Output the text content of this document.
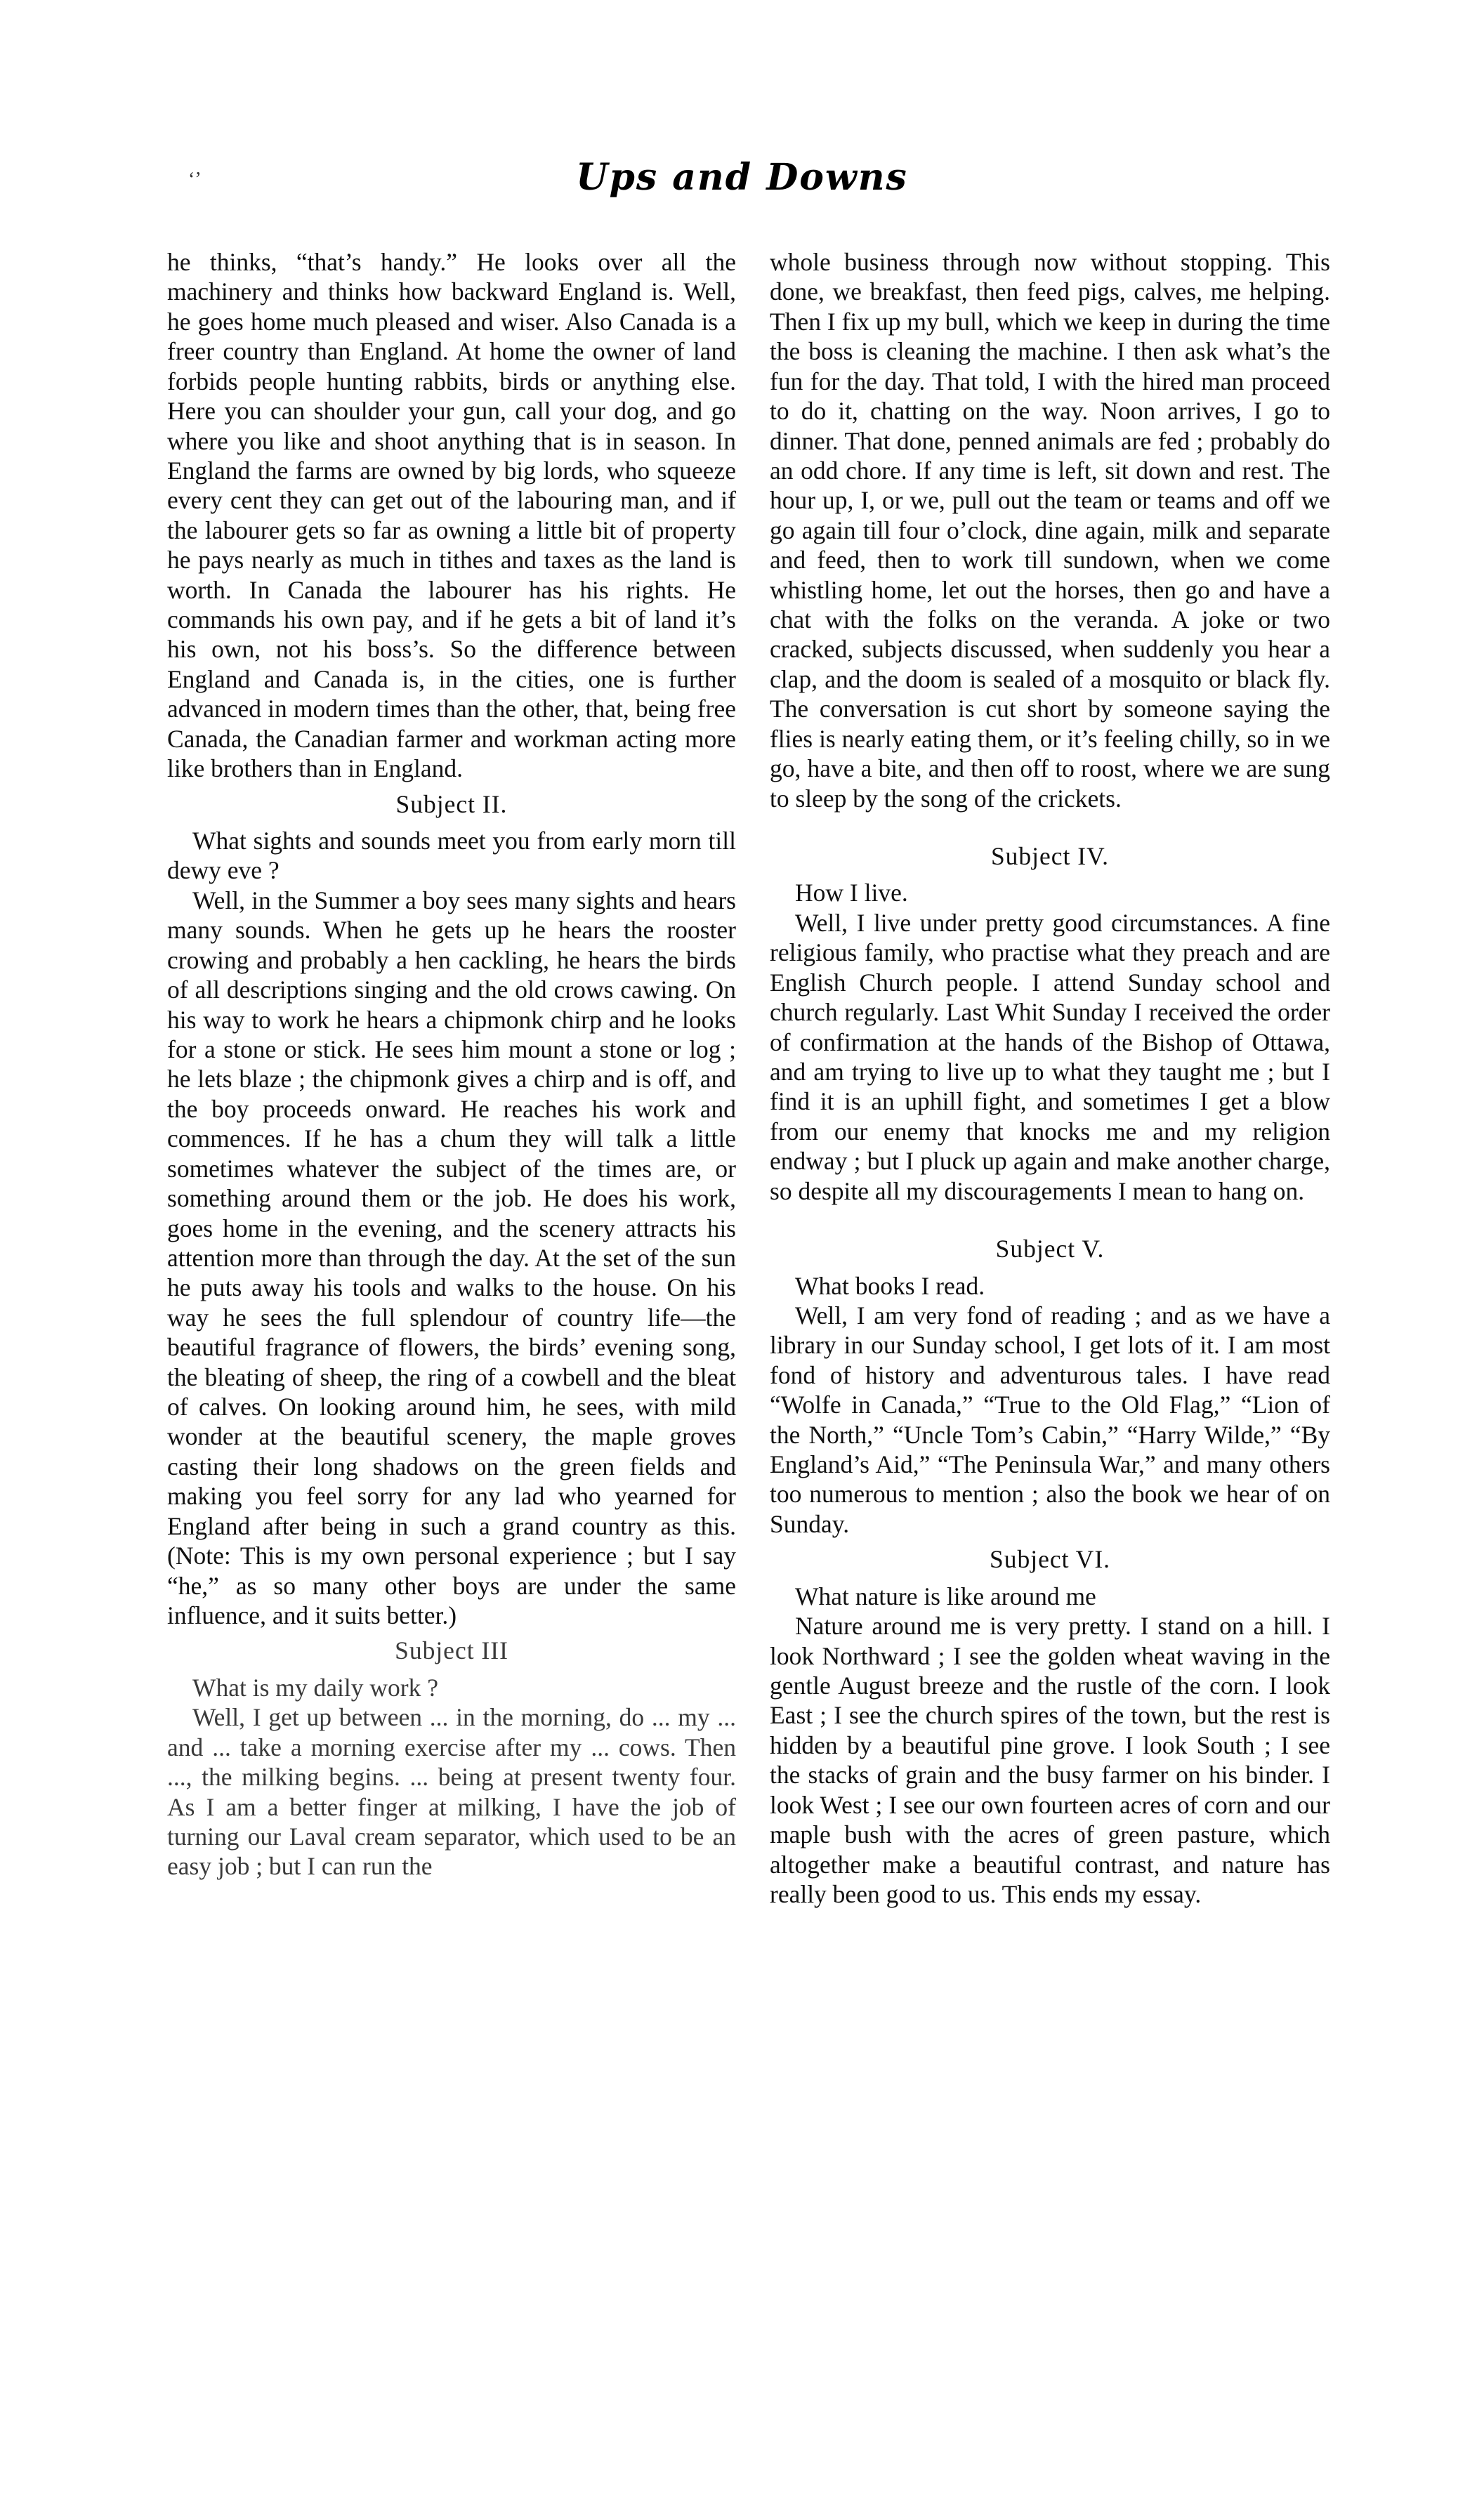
‘’	Ups and Downs

he thinks, “that’s handy.” He looks over all the machinery and thinks how backward England is. Well, he goes home much pleased and wiser. Also Canada is a freer country than England. At home the owner of land forbids people hunting rabbits, birds or anything else. Here you can shoulder your gun, call your dog, and go where you like and shoot anything that is in season. In England the farms are owned by big lords, who squeeze every cent they can get out of the labouring man, and if the labourer gets so far as owning a little bit of property he pays nearly as much in tithes and taxes as the land is worth. In Canada the labourer has his rights. He commands his own pay, and if he gets a bit of land it’s his own, not his boss’s. So the difference between England and Canada is, in the cities, one is further advanced in modern times than the other, that, being free Canada, the Canadian farmer and workman acting more like brothers than in England.

Subject II.

What sights and sounds meet you from early morn till dewy eve ?

Well, in the Summer a boy sees many sights and hears many sounds. When he gets up he hears the rooster crowing and probably a hen cackling, he hears the birds of all descriptions singing and the old crows cawing. On his way to work he hears a chipmonk chirp and he looks for a stone or stick. He sees him mount a stone or log ; he lets blaze ; the chipmonk gives a chirp and is off, and the boy proceeds onward. He reaches his work and commences. If he has a chum they will talk a little sometimes whatever the subject of the times are, or something around them or the job. He does his work, goes home in the evening, and the scenery attracts his attention more than through the day. At the set of the sun he puts away his tools and walks to the house. On his way he sees the full splendour of country life—the beautiful fragrance of flowers, the birds’ evening song, the bleating of sheep, the ring of a cowbell and the bleat of calves. On looking around him, he sees, with mild wonder at the beautiful scenery, the maple groves casting their long shadows on the green fields and making you feel sorry for any lad who yearned for England after being in such a grand country as this. (Note: This is my own personal experience ; but I say “he,” as so many other boys are under the same influence, and it suits better.)

Subject III

What is my daily work ?

Well, I get up between ... in the morning, do ... my ... and ... take a morning exercise after my ... cows. Then ..., the milking begins. ... being at present twenty four. As I am a better finger at milking, I have the job of turning our Laval cream separator, which used to be an easy job ; but I can run the

whole business through now without stopping. This done, we breakfast, then feed pigs, calves, me helping. Then I fix up my bull, which we keep in during the time the boss is cleaning the machine. I then ask what’s the fun for the day. That told, I with the hired man proceed to do it, chatting on the way. Noon arrives, I go to dinner. That done, penned animals are fed ; probably do an odd chore. If any time is left, sit down and rest. The hour up, I, or we, pull out the team or teams and off we go again till four o’clock, dine again, milk and separate and feed, then to work till sundown, when we come whistling home, let out the horses, then go and have a chat with the folks on the veranda. A joke or two cracked, subjects discussed, when suddenly you hear a clap, and the doom is sealed of a mosquito or black fly. The conversation is cut short by someone saying the flies is nearly eating them, or it’s feeling chilly, so in we go, have a bite, and then off to roost, where we are sung to sleep by the song of the crickets.

Subject IV.

How I live.

Well, I live under pretty good circumstances. A fine religious family, who practise what they preach and are English Church people. I attend Sunday school and church regularly. Last Whit Sunday I received the order of confirmation at the hands of the Bishop of Ottawa, and am trying to live up to what they taught me ; but I find it is an uphill fight, and sometimes I get a blow from our enemy that knocks me and my religion endway ; but I pluck up again and make another charge, so despite all my discouragements I mean to hang on.

Subject V.

What books I read.

Well, I am very fond of reading ; and as we have a library in our Sunday school, I get lots of it. I am most fond of history and adventurous tales. I have read “Wolfe in Canada,” “True to the Old Flag,” “Lion of the North,” “Uncle Tom’s Cabin,” “Harry Wilde,” “By England’s Aid,” “The Peninsula War,” and many others too numerous to mention ; also the book we hear of on Sunday.

Subject VI.

What nature is like around me

Nature around me is very pretty. I stand on a hill. I look Northward ; I see the golden wheat waving in the gentle August breeze and the rustle of the corn. I look East ; I see the church spires of the town, but the rest is hidden by a beautiful pine grove. I look South ; I see the stacks of grain and the busy farmer on his binder. I look West ; I see our own fourteen acres of corn and our maple bush with the acres of green pasture, which altogether make a beautiful contrast, and nature has really been good to us. This ends my essay.
